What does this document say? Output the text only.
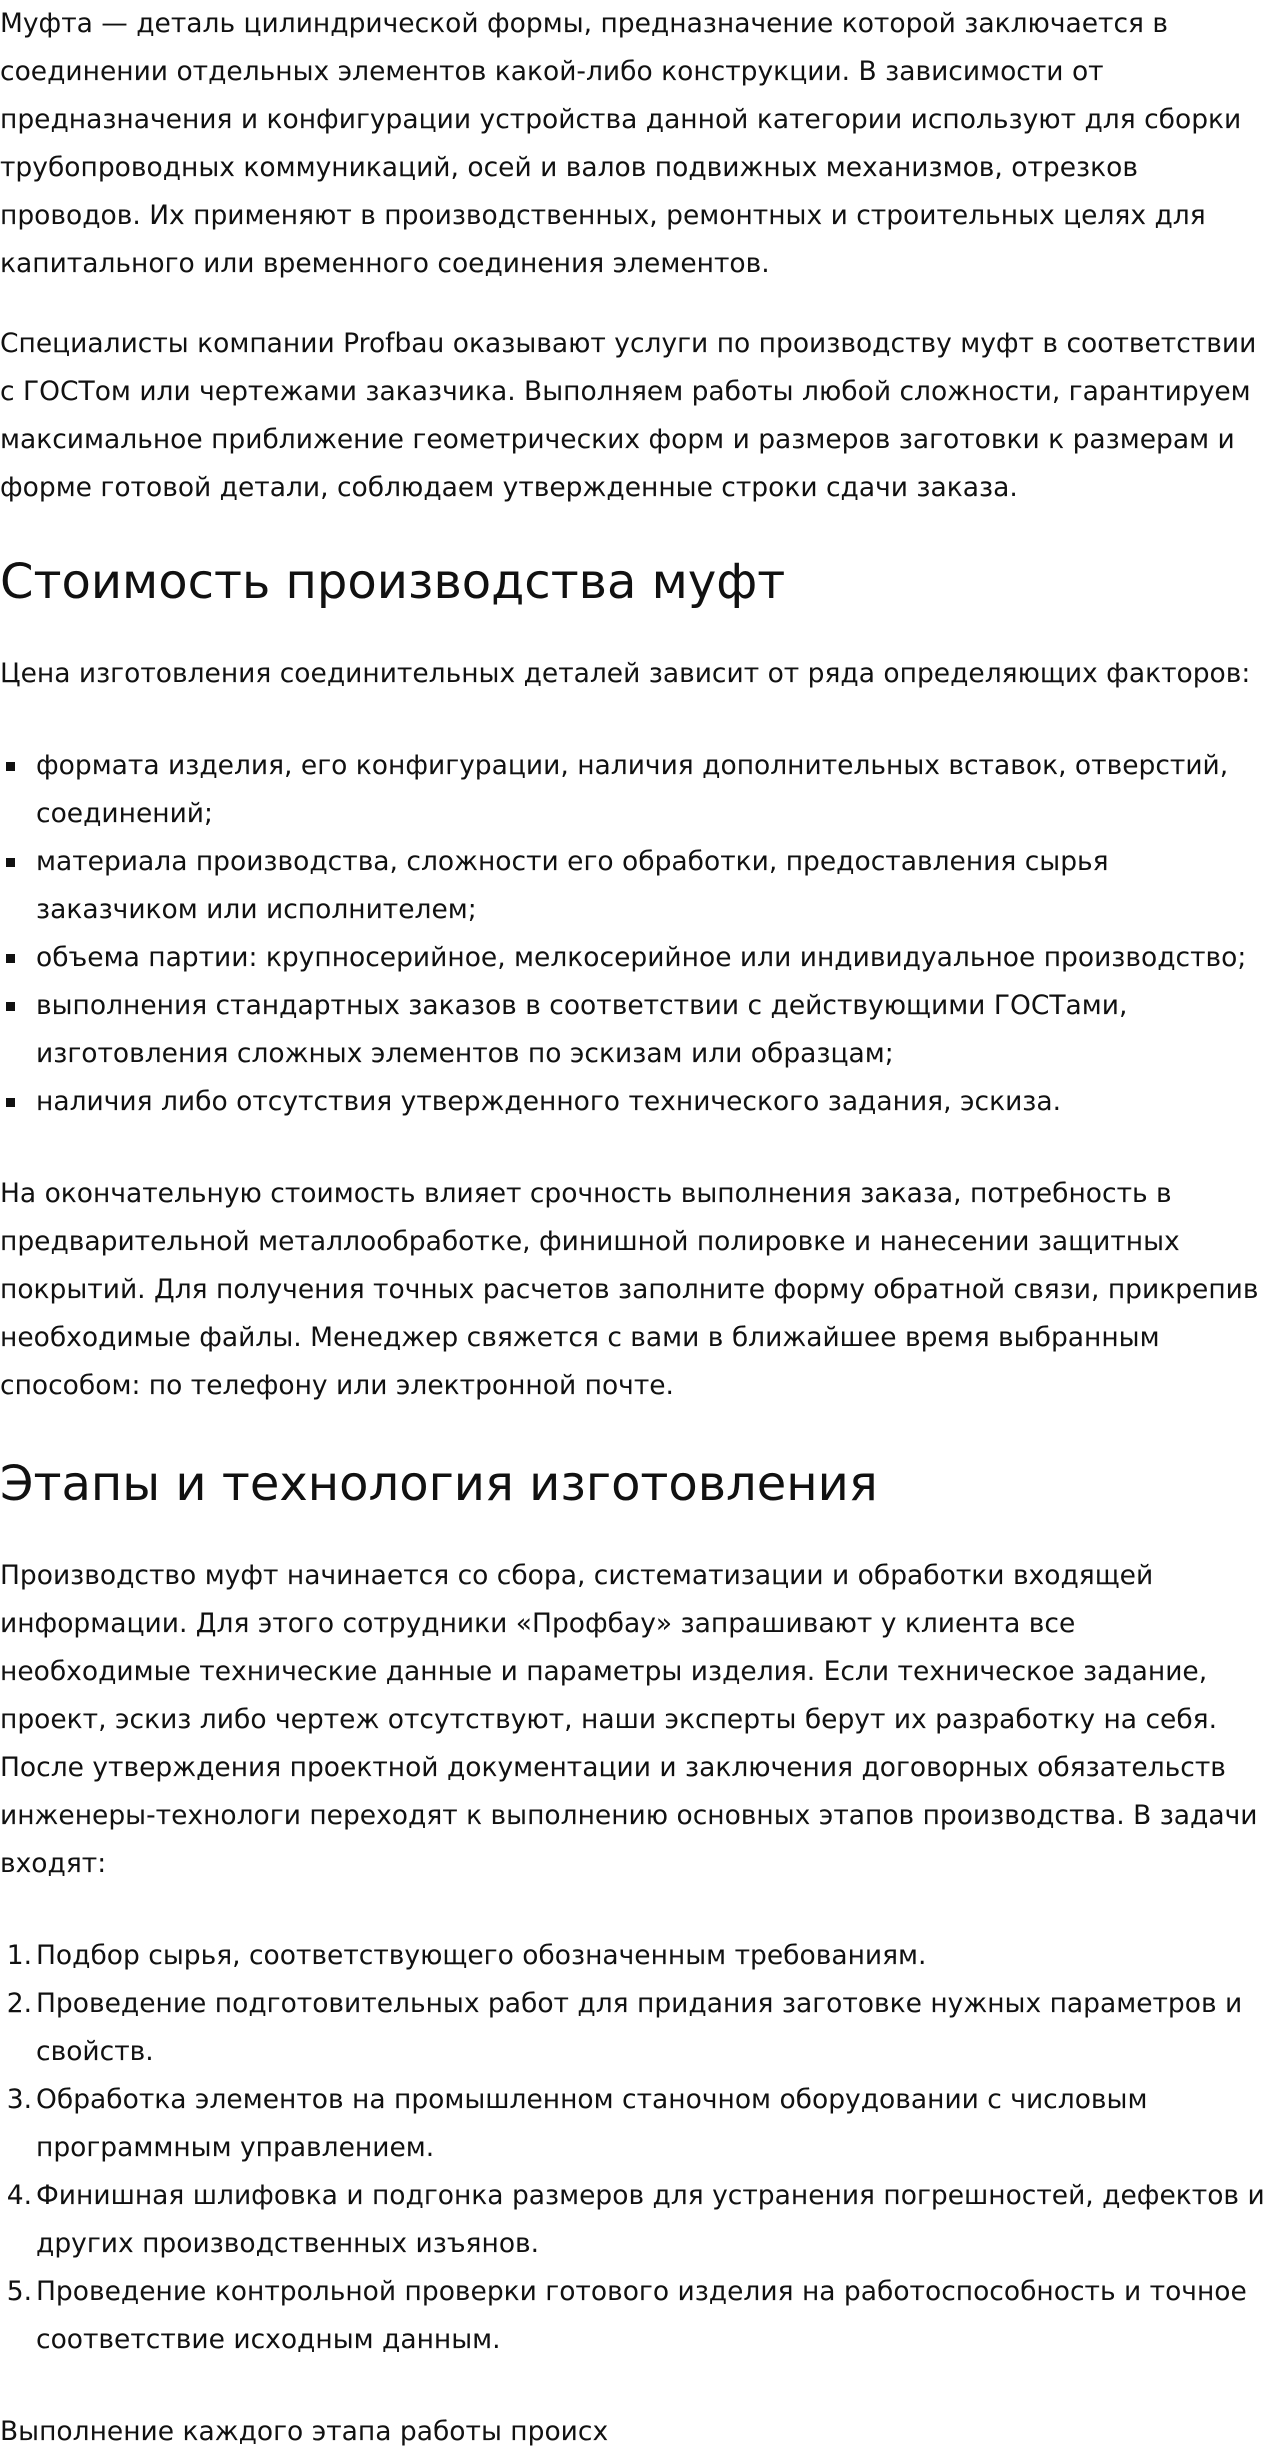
Муфта — деталь цилиндрической формы, предназначение которой заключается в соединении отдельных элементов какой-либо конструкции. В зависимости от предназначения и конфигурации устройства данной категории используют для сборки трубопроводных коммуникаций, осей и валов подвижных механизмов, отрезков проводов. Их применяют в производственных, ремонтных и строительных целях для капитального или временного соединения элементов.

Специалисты компании Profbau оказывают услуги по производству муфт в соответствии с ГОСТом или чертежами заказчика. Выполняем работы любой сложности, гарантируем максимальное приближение геометрических форм и размеров заготовки к размерам и форме готовой детали, соблюдаем утвержденные строки сдачи заказа.

Стоимость производства муфт

Цена изготовления соединительных деталей зависит от ряда определяющих факторов:

формата изделия, его конфигурации, наличия дополнительных вставок, отверстий, соединений;
материала производства, сложности его обработки, предоставления сырья заказчиком или исполнителем;
объема партии: крупносерийное, мелкосерийное или индивидуальное производство;
выполнения стандартных заказов в соответствии с действующими ГОСТами, изготовления сложных элементов по эскизам или образцам;
наличия либо отсутствия утвержденного технического задания, эскиза.

На окончательную стоимость влияет срочность выполнения заказа, потребность в предварительной металлообработке, финишной полировке и нанесении защитных покрытий. Для получения точных расчетов заполните форму обратной связи, прикрепив необходимые файлы. Менеджер свяжется с вами в ближайшее время выбранным способом: по телефону или электронной почте.

Этапы и технология изготовления

Производство муфт начинается со сбора, систематизации и обработки входящей информации. Для этого сотрудники «Профбау» запрашивают у клиента все необходимые технические данные и параметры изделия. Если техническое задание, проект, эскиз либо чертеж отсутствуют, наши эксперты берут их разработку на себя. После утверждения проектной документации и заключения договорных обязательств инженеры-технологи переходят к выполнению основных этапов производства. В задачи входят:

1. Подбор сырья, соответствующего обозначенным требованиям.
2. Проведение подготовительных работ для придания заготовке нужных параметров и свойств.
3. Обработка элементов на промышленном станочном оборудовании с числовым программным управлением.
4. Финишная шлифовка и подгонка размеров для устранения погрешностей, дефектов и других производственных изъянов.
5. Проведение контрольной проверки готового изделия на работоспособность и точное соответствие исходным данным.

Выполнение каждого этапа работы происх
